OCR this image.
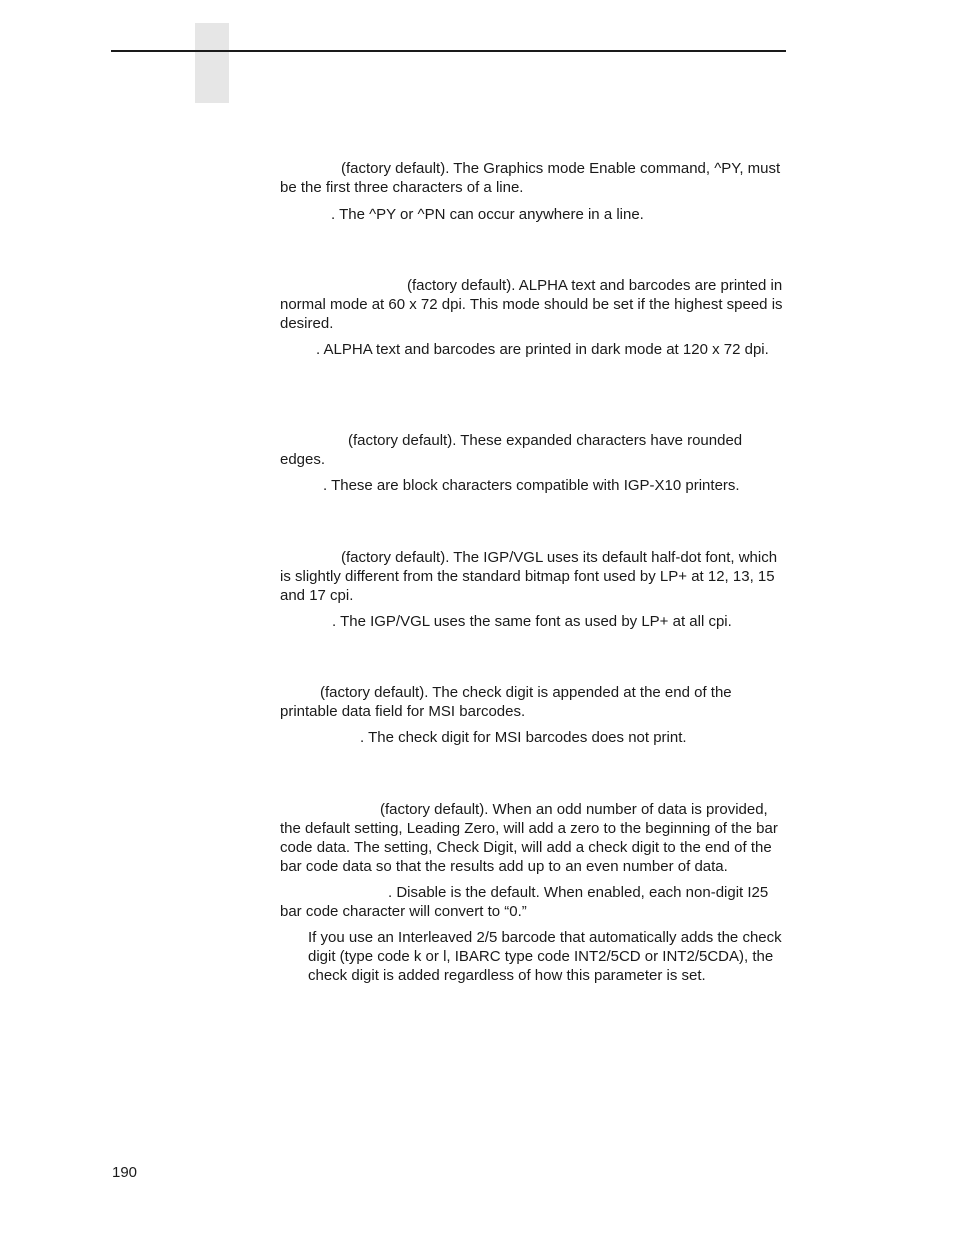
(factory default). The Graphics mode Enable command, ^PY, must be the first three characters of a line.

. The ^PY or ^PN can occur anywhere in a line.

(factory default). ALPHA text and barcodes are printed in normal mode at 60 x 72 dpi. This mode should be set if the highest speed is desired.

. ALPHA text and barcodes are printed in dark mode at 120 x 72 dpi.

(factory default). These expanded characters have rounded edges.

. These are block characters compatible with IGP-X10 printers.

(factory default). The IGP/VGL uses its default half-dot font, which is slightly different from the standard bitmap font used by LP+ at 12, 13, 15 and 17 cpi.

. The IGP/VGL uses the same font as used by LP+ at all cpi.

(factory default). The check digit is appended at the end of the printable data field for MSI barcodes.

. The check digit for MSI barcodes does not print.

(factory default). When an odd number of data is provided, the default setting, Leading Zero, will add a zero to the beginning of the bar code data. The setting, Check Digit, will add a check digit to the end of the bar code data so that the results add up to an even number of data.

. Disable is the default. When enabled, each non-digit I25 bar code character will convert to “0.”

If you use an Interleaved 2/5 barcode that automatically adds the check digit (type code k or l, IBARC type code INT2/5CD or INT2/5CDA), the check digit is added regardless of how this parameter is set.

190
